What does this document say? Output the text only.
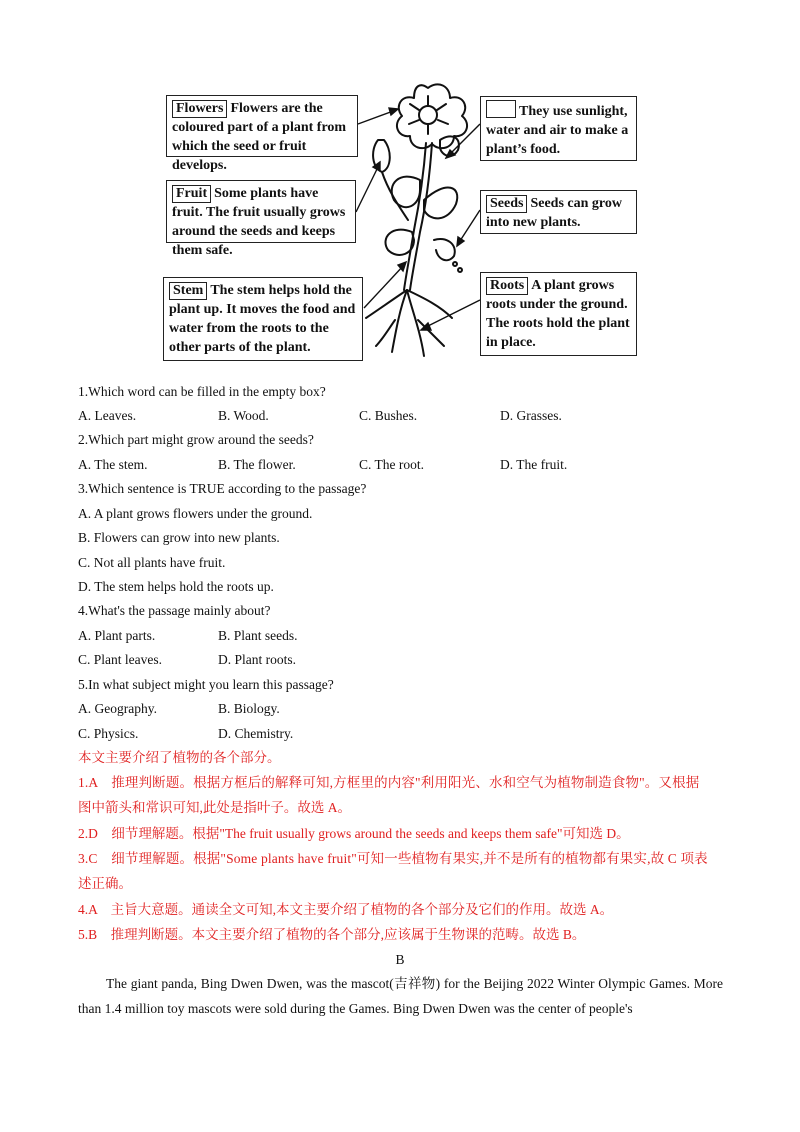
Flowers Flowers are the coloured part of a plant from which the seed or fruit develops.
Fruit Some plants have fruit. The fruit usually grows around the seeds and keeps them safe.
Stem The stem helps hold the plant up. It moves the food and water from the roots to the other parts of the plant.
They use sunlight, water and air to make a plant’s food.
Seeds Seeds can grow into new plants.
Roots A plant grows roots under the ground. The roots hold the plant in place.
1.Which word can be filled in the empty box?
A. Leaves.	B. Wood.	C. Bushes.	D. Grasses.
2.Which part might grow around the seeds?
A. The stem.	B. The flower.	C. The root.	D. The fruit.
3.Which sentence is TRUE according to the passage?
A. A plant grows flowers under the ground.
B. Flowers can grow into new plants.
C. Not all plants have fruit.
D. The stem helps hold the roots up.
4.What's the passage mainly about?
A. Plant parts.	B. Plant seeds.
C. Plant leaves.	D. Plant roots.
5.In what subject might you learn this passage?
A. Geography.	B. Biology.
C. Physics.	D. Chemistry.
本文主要介绍了植物的各个部分。
1.A　推理判断题。根据方框后的解释可知,方框里的内容"利用阳光、水和空气为植物制造食物"。又根据
图中箭头和常识可知,此处是指叶子。故选 A。
2.D　细节理解题。根据"The fruit usually grows around the seeds and keeps them safe"可知选 D。
3.C　细节理解题。根据"Some plants have fruit"可知一些植物有果实,并不是所有的植物都有果实,故 C 项表
述正确。
4.A　主旨大意题。通读全文可知,本文主要介绍了植物的各个部分及它们的作用。故选 A。
5.B　推理判断题。本文主要介绍了植物的各个部分,应该属于生物课的范畴。故选 B。
B
The giant panda, Bing Dwen Dwen, was the mascot(吉祥物) for the Beijing 2022 Winter Olympic Games. More than 1.4 million toy mascots were sold during the Games. Bing Dwen Dwen was the center of people's
